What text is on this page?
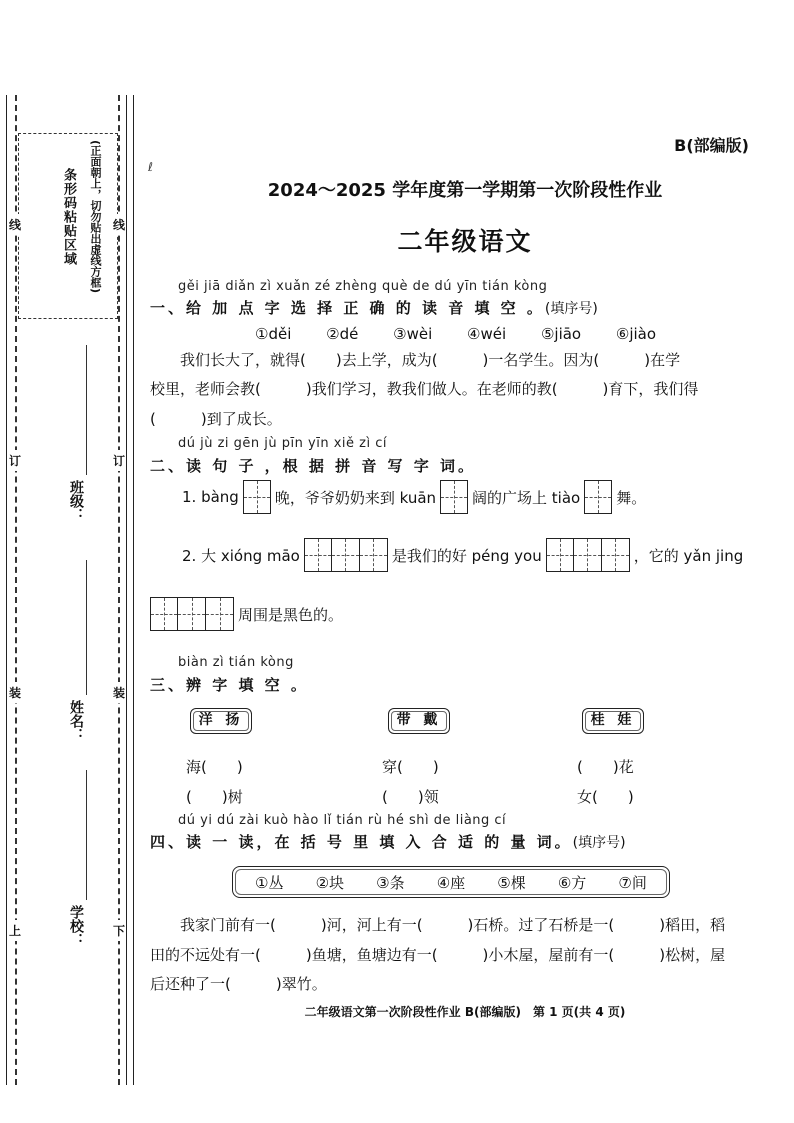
条形码粘贴区域 (正面朝上，切勿贴出虚线方框)
线
订
装
上
线
订
装
下
班级：
姓名：
学校：
ℓ
B(部编版)
2024～2025 学年度第一学期第一次阶段性作业
二年级语文
gěi jiā diǎn zì xuǎn zé zhèng què de dú yīn tián kòng
一、给 加 点 字 选 择 正 确 的 读 音 填 空 。(填序号)
①děi ②dé ③wèi ④wéi ⑤jiāo ⑥jiào
我们长大了，就得(　　)去上学，成为(　　　)一名学生。因为(　　　)在学
校里，老师会教(　　　)我们学习，教我们做人。在老师的教(　　　)育下，我们得
(　　　)到了成长。
dú jù zi gēn jù pīn yīn xiě zì cí
二、读 句 子 ，根 据 拼 音 写 字 词。
1. bàng 晚，爷爷奶奶来到 kuān 阔的广场上 tiào 舞。
2. 大 xióng māo	是我们的好 péng you	，它的 yǎn jing
周围是黑色的。
biàn zì tián kòng
三、辨 字 填 空 。
洋 扬	带 戴	桂 娃
海(　　)	穿(　　)	(　　)花
(　　)树	(　　)领	女(　　)
dú yi dú zài kuò hào lǐ tián rù hé shì de liàng cí
四、读 一 读，在 括 号 里 填 入 合 适 的 量 词。(填序号)
①丛 ②块 ③条 ④座 ⑤棵 ⑥方 ⑦间
我家门前有一(　　　)河，河上有一(　　　)石桥。过了石桥是一(　　　)稻田，稻
田的不远处有一(　　　)鱼塘，鱼塘边有一(　　　)小木屋，屋前有一(　　　)松树，屋
后还种了一(　　　)翠竹。
二年级语文第一次阶段性作业 B(部编版)　第 1 页(共 4 页)
